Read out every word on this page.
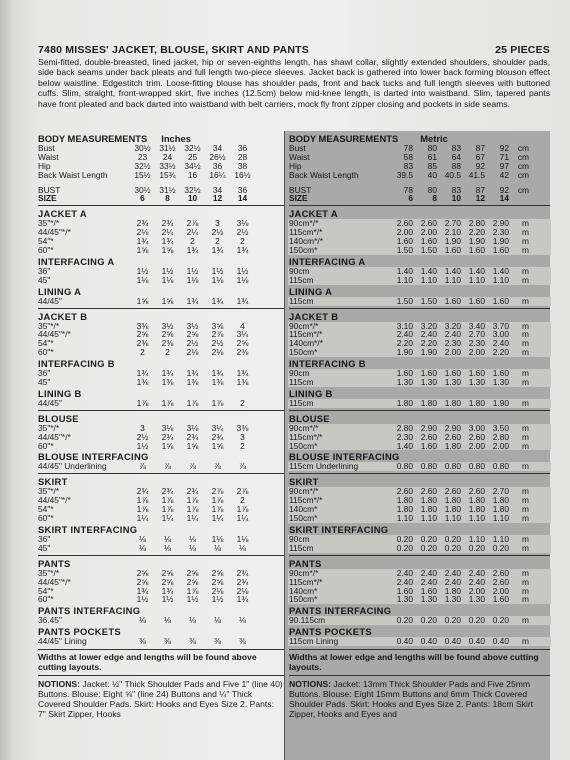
7480 MISSES' JACKET, BLOUSE, SKIRT AND PANTS	25 PIECES
Semi-fitted, double-breasted, lined jacket, hip or seven-eighths length, has shawl collar, slightly extended shoulders, shoulder pads, side back seams under back pleats and full length two-piece sleeves. Jacket back is gathered into lower back forming blouson effect below waistline. Edgestitch trim. Loose-fitting blouse has shoulder pads, front and back tucks and full length sleeves with buttoned cuffs. Slim, straight, front-wrapped skirt, five inches (12.5cm) below mid-knee length, is darted into waistband. Slim, tapered pants have front pleated and back darted into waistband with belt carriers, mock fly front zipper closing and pockets in side seams.
BODY MEASUREMENTS Inches
Bust	30½	31½	32½	34	36
Waist	23	24	25	26½	28
Hip	32½	33½	34½	36	38
Back Waist Length	15½	15¾	16	16¼	16½
BUST	30½	31½	32½	34	36
SIZE	6	8	10	12	14
JACKET A
35"*/*	2¾	2¾	2⅞	3	3⅛
44/45"*/*	2⅛	2¼	2¼	2½	2½
54"*	1¾	1¾	2	2	2
60"*	1⅝	1⅝	1¾	1¾	1¾
INTERFACING A
36"	1½	1½	1½	1½	1½
45"	1⅛	1⅛	1⅛	1⅛	1⅛
LINING A
44/45"	1⅝	1⅝	1¾	1¾	1¾
JACKET B
35"*/*	3⅜	3½	3½	3⅝	4
44/45"*/*	2⅝	2⅝	2⅝	2⅞	3¼
54"*	2⅜	2⅜	2½	2½	2⅝
60"*	2	2	2⅛	2⅛	2⅜
INTERFACING B
36"	1¾	1¾	1¾	1¾	1¾
45"	1⅜	1⅜	1⅜	1⅜	1⅜
LINING B
44/45"	1⅞	1⅞	1⅞	1⅞	2
BLOUSE
35"*/*	3	3⅛	3⅛	3¼	3⅜
44/45"*/*	2½	2¾	2¾	2¾	3
60"*	1½	1⅝	1⅝	1⅝	2
BLOUSE INTERFACING
44/45" Underlining	⅞	⅞	⅞	⅞	⅞
SKIRT
35"*/*	2¾	2¾	2¾	2⅞	2⅞
44/45"*/*	1⅞	1⅞	1⅞	1⅞	2
54"*	1⅞	1⅞	1⅞	1⅞	1⅞
60"*	1¼	1¼	1¼	1¼	1¼
SKIRT INTERFACING
36"	⅛	⅛	⅛	1⅛	1⅛
45"	⅛	⅛	⅛	⅛	⅛
PANTS
35"*/*	2⅝	2⅝	2⅝	2⅝	2¾
44/45"*/*	2⅝	2⅝	2⅝	2⅝	2¾
54"*	1¾	1¾	1⅞	2⅛	2⅛
60"*	1½	1½	1½	1½	1¾
PANTS INTERFACING
36.45"	⅛	⅛	⅛	⅛	⅛
PANTS POCKETS
44/45" Lining	⅜	⅜	⅜	⅜	⅜
Widths at lower edge and lengths will be found above cutting layouts.
NOTIONS: Jacket: ½" Thick Shoulder Pads and Five 1" (line 40) Buttons. Blouse: Eight ⅝" (line 24) Buttons and ¼" Thick Covered Shoulder Pads. Skirt: Hooks and Eyes Size 2. Pants: 7" Skirt Zipper, Hooks
BODY MEASUREMENTS Metric
Bust	78	80	83	87	92	cm
Waist	58	61	64	67	71	cm
Hip	83	85	88	92	97	cm
Back Waist Length	39.5	40 40.5 41.5	42	cm
BUST	78	80	83	87	92	cm
SIZE	6	8	10	12	14
JACKET A
90cm*/*	2.60 2.60 2.70 2.80 2.90	m
115cm*/*	2.00 2.00 2.10 2.20 2.30	m
140cm*/*	1.60 1.60 1.90 1.90 1.90	m
150cm*	1.50 1.50 1.60 1.60 1.60	m
INTERFACING A
90cm	1.40 1.40 1.40 1.40 1.40	m
115cm	1.10 1.10 1.10 1.10 1.10	m
LINING A
115cm	1.50 1.50 1.60 1.60 1.60	m
JACKET B
90cm*/*	3.10 3.20 3.20 3.40 3.70	m
115cm*/*	2.40 2.40 2.40 2.70 3.00	m
140cm*/*	2.20 2.20 2.30 2.30 2.40	m
150cm*	1.90 1.90 2.00 2.00 2.20	m
INTERFACING B
90cm	1.60 1.60 1.60 1.60 1.60	m
115cm	1.30 1.30 1.30 1.30 1.30	m
LINING B
115cm	1.80 1.80 1.80 1.80 1.90	m
BLOUSE
90cm*/*	2.80 2.90 2.90 3.00 3.50	m
115cm*/*	2.30 2.60 2.60 2.60 2.80	m
150cm*	1.40 1.60 1.80 2.00 2.00	m
BLOUSE INTERFACING
115cm Underlining	0.80 0.80 0.80 0.80 0.80	m
SKIRT
90cm*/*	2.60 2.60 2.60 2.60 2.70	m
115cm*/*	1.80 1.80 1.80 1.80 1.80	m
140cm*	1.80 1.80 1.80 1.80 1.80	m
150cm*	1.10 1.10 1.10 1.10 1.10	m
SKIRT INTERFACING
90cm	0.20 0.20 0.20 1.10 1.10	m
115cm	0.20 0.20 0.20 0.20 0.20	m
PANTS
90cm*/*	2.40 2.40 2.40 2.40 2.60	m
115cm*/*	2.40 2.40 2.40 2.40 2.60	m
140cm*	1.60 1.60 1.80 2.00 2.00	m
150cm*	1.30 1.30 1.30 1.30 1.60	m
PANTS INTERFACING
90.115cm	0.20 0.20 0.20 0.20 0.20	m
PANTS POCKETS
115cm Lining	0.40 0.40 0.40 0.40 0.40	m
Widths at lower edge and lengths will be found above cutting layouts.
NOTIONS: Jacket: 13mm Thick Shoulder Pads and Five 25mm Buttons. Blouse: Eight 15mm Buttons and 6mm Thick Covered Shoulder Pads. Skirt: Hooks and Eyes Size 2. Pants: 18cm Skirt Zipper, Hooks and Eyes and
